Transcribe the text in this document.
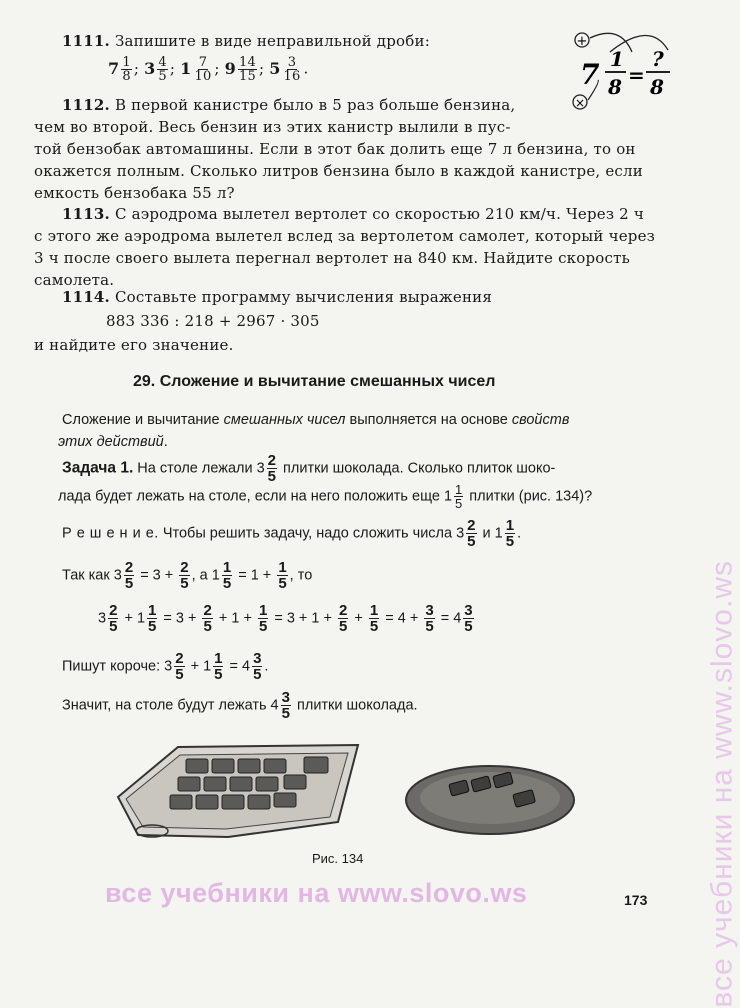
1111. Запишите в виде неправильной дроби:
$7 \frac{1}{8}$ ; $3 \frac{4}{5}$ ; $1 \frac{7}{10}$ ; $9 \frac{14}{15}$ ; $5 \frac{3}{16}$ .
+
×
7 1
8 =
?
8
1112. В первой канистре было в 5 раз больше бензина,
чем во второй. Весь бензин из этих канистр вылили в пус-
той бензобак автомашины. Если в этот бак долить еще 7 л бензина, то он
окажется полным. Сколько литров бензина было в каждой канистре, если
емкость бензобака 55 л?
1113. С аэродрома вылетел вертолет со скоростью 210 км/ч. Через 2 ч
с этого же аэродрома вылетел вслед за вертолетом самолет, который через
3 ч после своего вылета перегнал вертолет на 840 км. Найдите скорость
самолета.
1114. Составьте программу вычисления выражения
883 336 : 218 + 2967 · 305
и найдите его значение.
29. Сложение и вычитание смешанных чисел
Сложение и вычитание смешанных чисел выполняется на основе свойств
этих действий.
Задача 1. На столе лежали $3 \frac{2}{5}$ плитки шоколада. Сколько плиток шоко-
лада будет лежать на столе, если на него положить еще $1 \frac{1}{5}$ плитки (рис. 134)?
Р е ш е н и е. Чтобы решить задачу, надо сложить числа $3 \frac{2}{5}$ и $1 \frac{1}{5}$ .
Так как $3 \frac{2}{5} = 3 + \frac{2}{5}$ , а $1 \frac{1}{5} = 1 + \frac{1}{5}$ , то
$3 \frac{2}{5} + 1 \frac{1}{5} = 3 + \frac{2}{5} + 1 + \frac{1}{5} = 3 + 1 + \frac{2}{5} + \frac{1}{5} = 4 + \frac{3}{5} = 4 \frac{3}{5}$
Пишут короче: $3 \frac{2}{5} + 1 \frac{1}{5} = 4 \frac{3}{5}$ .
Значит, на столе будут лежать $4 \frac{3}{5}$ плитки шоколада.
Рис. 134	все учебники на www.slovo.ws
все учебники на www.slovo.ws	173
